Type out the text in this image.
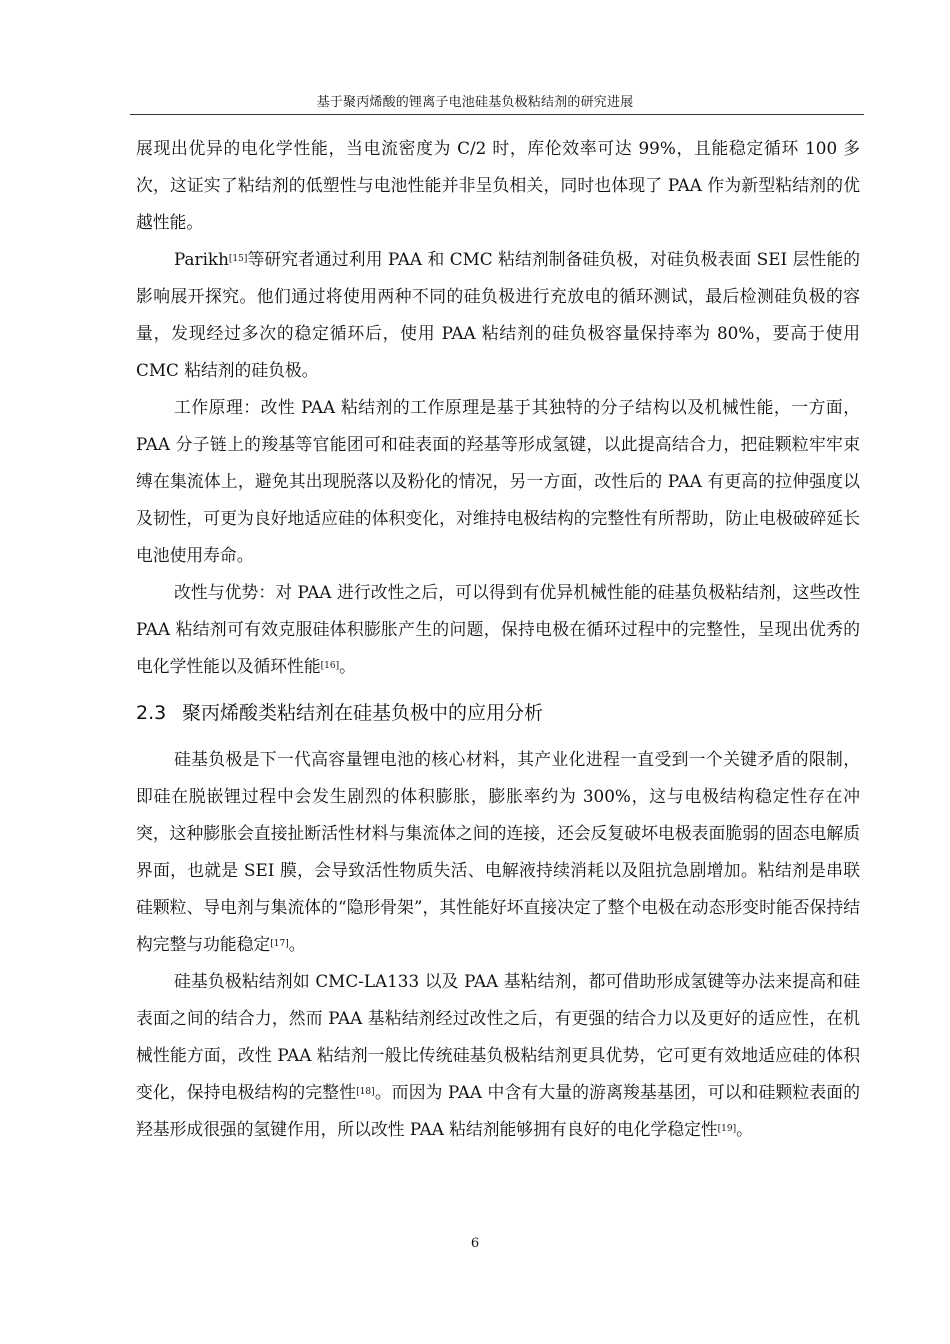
基于聚丙烯酸的锂离子电池硅基负极粘结剂的研究进展

展现出优异的电化学性能，当电流密度为 C/2 时，库伦效率可达 99%，且能稳定循环 100 多次，这证实了粘结剂的低塑性与电池性能并非呈负相关，同时也体现了 PAA 作为新型粘结剂的优越性能。

Parikh[15]等研究者通过利用 PAA 和 CMC 粘结剂制备硅负极，对硅负极表面 SEI 层性能的影响展开探究。他们通过将使用两种不同的硅负极进行充放电的循环测试，最后检测硅负极的容量，发现经过多次的稳定循环后，使用 PAA 粘结剂的硅负极容量保持率为 80%，要高于使用 CMC 粘结剂的硅负极。

工作原理：改性 PAA 粘结剂的工作原理是基于其独特的分子结构以及机械性能，一方面，PAA 分子链上的羧基等官能团可和硅表面的羟基等形成氢键，以此提高结合力，把硅颗粒牢牢束缚在集流体上，避免其出现脱落以及粉化的情况，另一方面，改性后的 PAA 有更高的拉伸强度以及韧性，可更为良好地适应硅的体积变化，对维持电极结构的完整性有所帮助，防止电极破碎延长电池使用寿命。

改性与优势：对 PAA 进行改性之后，可以得到有优异机械性能的硅基负极粘结剂，这些改性 PAA 粘结剂可有效克服硅体积膨胀产生的问题，保持电极在循环过程中的完整性，呈现出优秀的电化学性能以及循环性能[16]。

2.3 聚丙烯酸类粘结剂在硅基负极中的应用分析

硅基负极是下一代高容量锂电池的核心材料，其产业化进程一直受到一个关键矛盾的限制，即硅在脱嵌锂过程中会发生剧烈的体积膨胀，膨胀率约为 300%，这与电极结构稳定性存在冲突，这种膨胀会直接扯断活性材料与集流体之间的连接，还会反复破坏电极表面脆弱的固态电解质界面，也就是 SEI 膜，会导致活性物质失活、电解液持续消耗以及阻抗急剧增加。粘结剂是串联硅颗粒、导电剂与集流体的“隐形骨架”，其性能好坏直接决定了整个电极在动态形变时能否保持结构完整与功能稳定[17]。

硅基负极粘结剂如 CMC-LA133 以及 PAA 基粘结剂，都可借助形成氢键等办法来提高和硅表面之间的结合力，然而 PAA 基粘结剂经过改性之后，有更强的结合力以及更好的适应性，在机械性能方面，改性 PAA 粘结剂一般比传统硅基负极粘结剂更具优势，它可更有效地适应硅的体积变化，保持电极结构的完整性[18]。而因为 PAA 中含有大量的游离羧基基团，可以和硅颗粒表面的羟基形成很强的氢键作用，所以改性 PAA 粘结剂能够拥有良好的电化学稳定性[19]。

6
